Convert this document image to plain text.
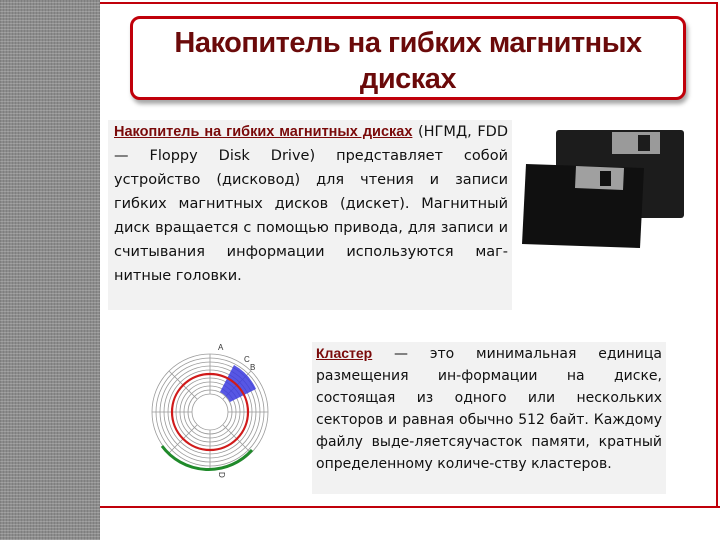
Накопитель на гибких магнитных дисках
Накопитель на гибких магнитных дисках (НГМД, FDD — Floppy Disk Drive) представляет собой устройство (дисковод) для чтения и записи гибких магнитных дисков (дискет). Магнитный диск вращается с помощью привода, для записи и считывания информации используются маг-нитные головки.
A
C
B
D
Кластер — это минимальная единица размещения ин-формации на диске, состоящая из одного или нескольких секторов и равная обычно 512 байт. Каждому файлу выде-ляетсяучасток памяти, кратный определенному количе-ству кластеров.
